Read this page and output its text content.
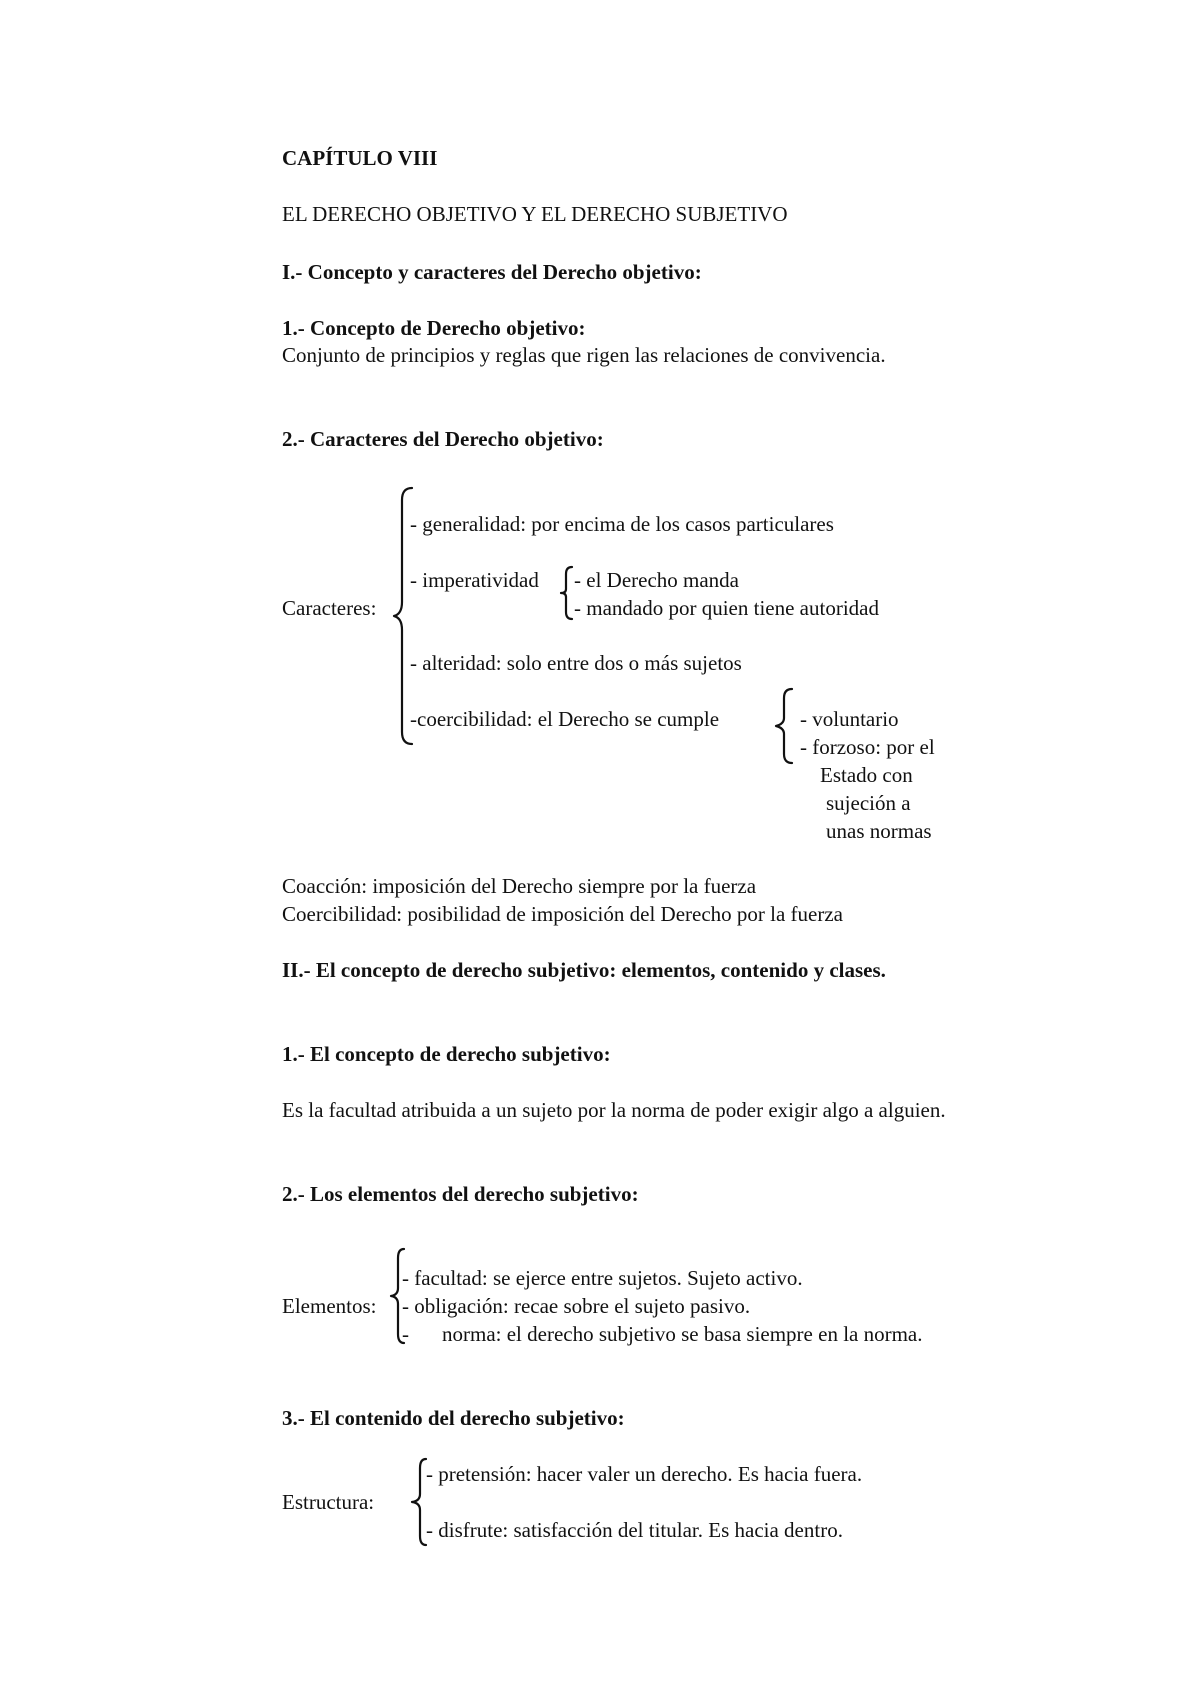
CAPÍTULO VIII
EL DERECHO OBJETIVO Y EL DERECHO SUBJETIVO
I.- Concepto y caracteres del Derecho objetivo:
1.- Concepto de Derecho objetivo:
Conjunto de principios y reglas que rigen las relaciones de convivencia.
2.- Caracteres del Derecho objetivo:
Caracteres:
- generalidad: por encima de los casos particulares
- imperatividad - el Derecho manda
- mandado por quien tiene autoridad
- alteridad: solo entre dos o más sujetos
-coercibilidad: el Derecho se cumple	- voluntario
- forzoso: por el
Estado con
sujeción a
unas normas
Coacción: imposición del Derecho siempre por la fuerza
Coercibilidad: posibilidad de imposición del Derecho por la fuerza
II.- El concepto de derecho subjetivo: elementos, contenido y clases.
1.- El concepto de derecho subjetivo:
Es la facultad atribuida a un sujeto por la norma de poder exigir algo a alguien.
2.- Los elementos del derecho subjetivo:
Elementos:
- facultad: se ejerce entre sujetos. Sujeto activo.
- obligación: recae sobre el sujeto pasivo.
- norma: el derecho subjetivo se basa siempre en la norma.
3.- El contenido del derecho subjetivo:
Estructura:
- pretensión: hacer valer un derecho. Es hacia fuera.
- disfrute: satisfacción del titular. Es hacia dentro.
